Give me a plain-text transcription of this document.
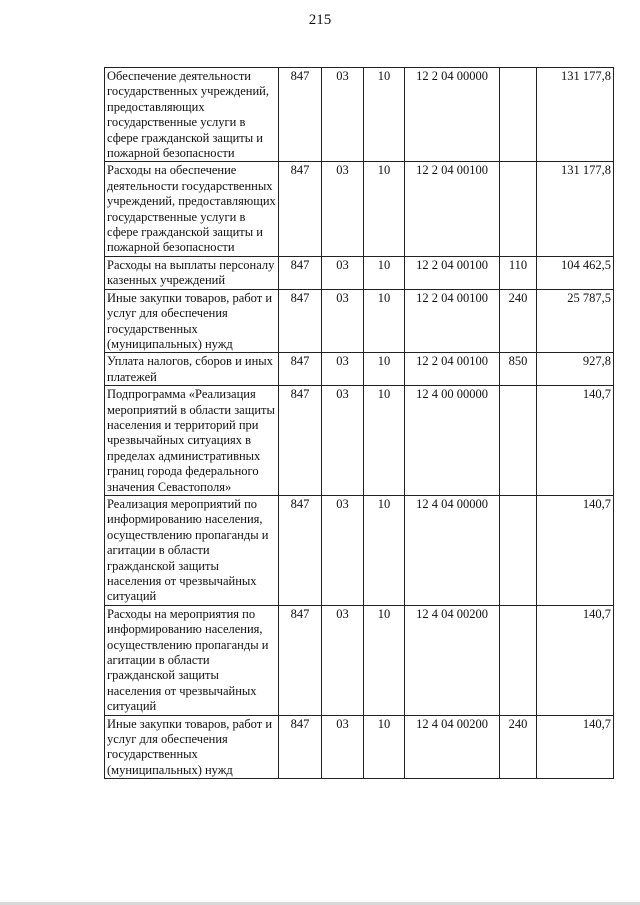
215
Обеспечение деятельности государственных учреждений, предоставляющих государственные услуги в сфере гражданской защиты и пожарной безопасности	847	03	10	12 2 04 00000		131 177,8
Расходы на обеспечение деятельности государственных учреждений, предоставляющих государственные услуги в сфере гражданской защиты и пожарной безопасности	847	03	10	12 2 04 00100		131 177,8
Расходы на выплаты персоналу казенных учреждений	847	03	10	12 2 04 00100	110	104 462,5
Иные закупки товаров, работ и услуг для обеспечения государственных (муниципальных) нужд	847	03	10	12 2 04 00100	240	25 787,5
Уплата налогов, сборов и иных платежей	847	03	10	12 2 04 00100	850	927,8
Подпрограмма «Реализация мероприятий в области защиты населения и территорий при чрезвычайных ситуациях в пределах административных границ города федерального значения Севастополя»	847	03	10	12 4 00 00000		140,7
Реализация мероприятий по информированию населения, осуществлению пропаганды и агитации в области гражданской защиты населения от чрезвычайных ситуаций	847	03	10	12 4 04 00000		140,7
Расходы на мероприятия по информированию населения, осуществлению пропаганды и агитации в области гражданской защиты населения от чрезвычайных ситуаций	847	03	10	12 4 04 00200		140,7
Иные закупки товаров, работ и услуг для обеспечения государственных (муниципальных) нужд	847	03	10	12 4 04 00200	240	140,7
